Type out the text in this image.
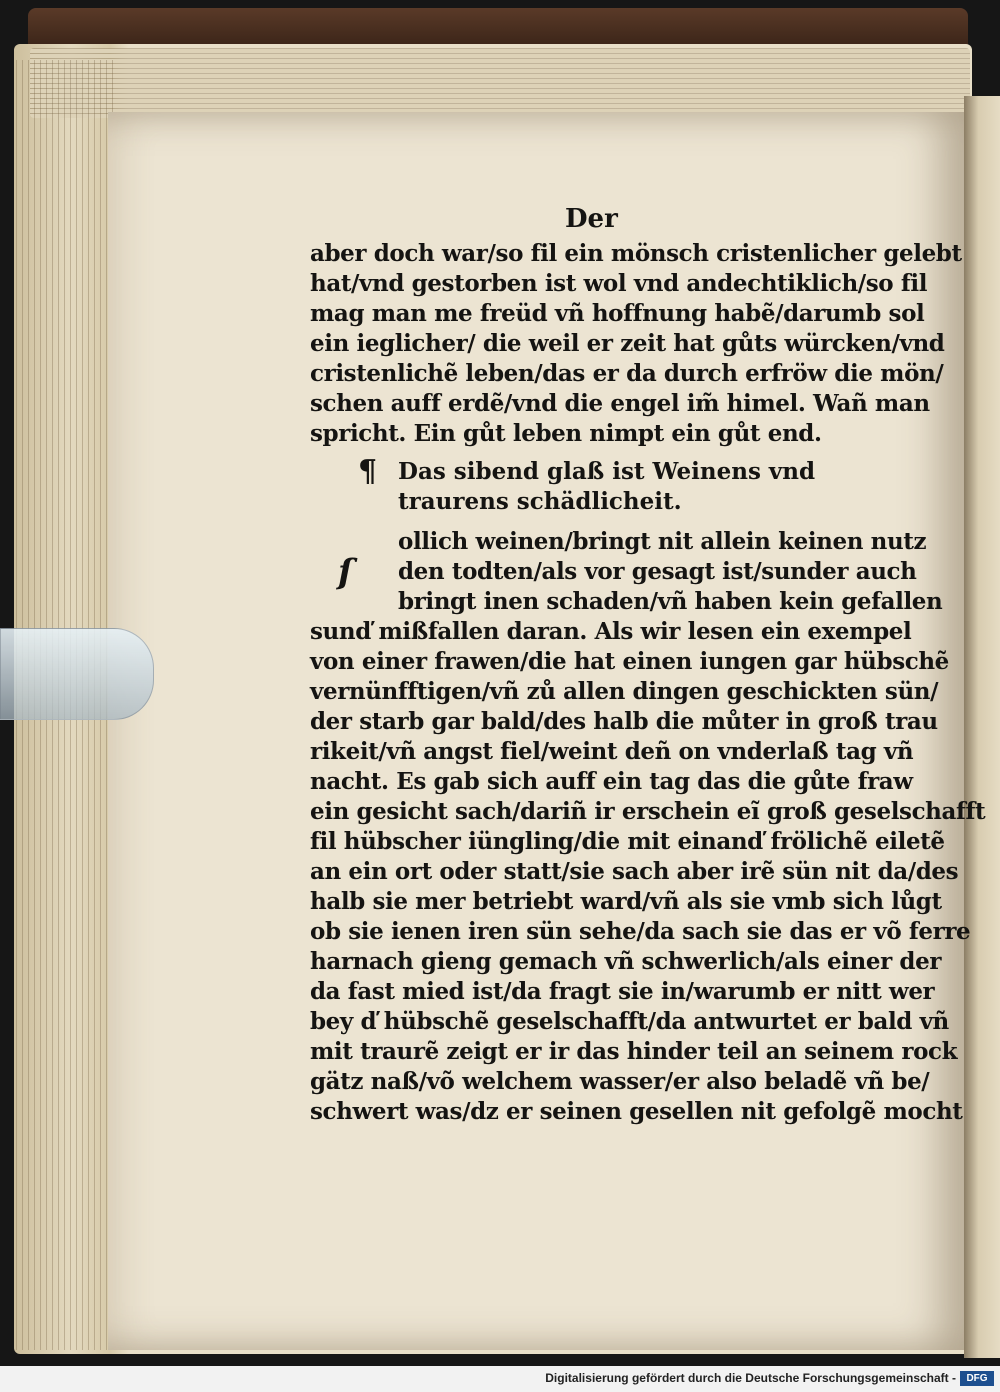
Der
aber doch war/so fil ein mönsch cristenlicher gelebt
hat/vnd gestorben ist wol vnd andechtiklich/so fil
mag man me freüd vñ hoffnung habẽ/darumb sol
ein ieglicher/ die weil er zeit hat gůts würcken/vnd
cristenlichẽ leben/das er da durch erfröw die mön/
schen auff erdẽ/vnd die engel im̃ himel. Wañ man
spricht. Ein gůt leben nimpt ein gůt end.
¶ Das sibend glaß ist Weinens vnd
traurens schädlicheit.
ſ
ollich weinen/bringt nit allein keinen nutz
den todten/als vor gesagt ist/sunder auch
bringt inen schaden/vñ haben kein gefallen
sunď mißfallen daran. Als wir lesen ein exempel
von einer frawen/die hat einen iungen gar hübschẽ
vernünfftigen/vñ zů allen dingen geschickten sün/
der starb gar bald/des halb die můter in groß trau
rikeit/vñ angst fiel/weint deñ on vnderlaß tag vñ
nacht. Es gab sich auff ein tag das die gůte fraw
ein gesicht sach/dariñ ir erschein eĩ groß geselschafft
fil hübscher iüngling/die mit einanď frölichẽ eiletẽ
an ein ort oder statt/sie sach aber irẽ sün nit da/des
halb sie mer betriebt ward/vñ als sie vmb sich lůgt
ob sie ienen iren sün sehe/da sach sie das er võ ferre
harnach gieng gemach vñ schwerlich/als einer der
da fast mied ist/da fragt sie in/warumb er nitt wer
bey ď hübschẽ geselschafft/da antwurtet er bald vñ
mit traurẽ zeigt er ir das hinder teil an seinem rock
gätz naß/võ welchem wasser/er also beladẽ vñ be/
schwert was/dz er seinen gesellen nit gefolgẽ mocht
Digitalisierung gefördert durch die Deutsche Forschungsgemeinschaft -	DFG
